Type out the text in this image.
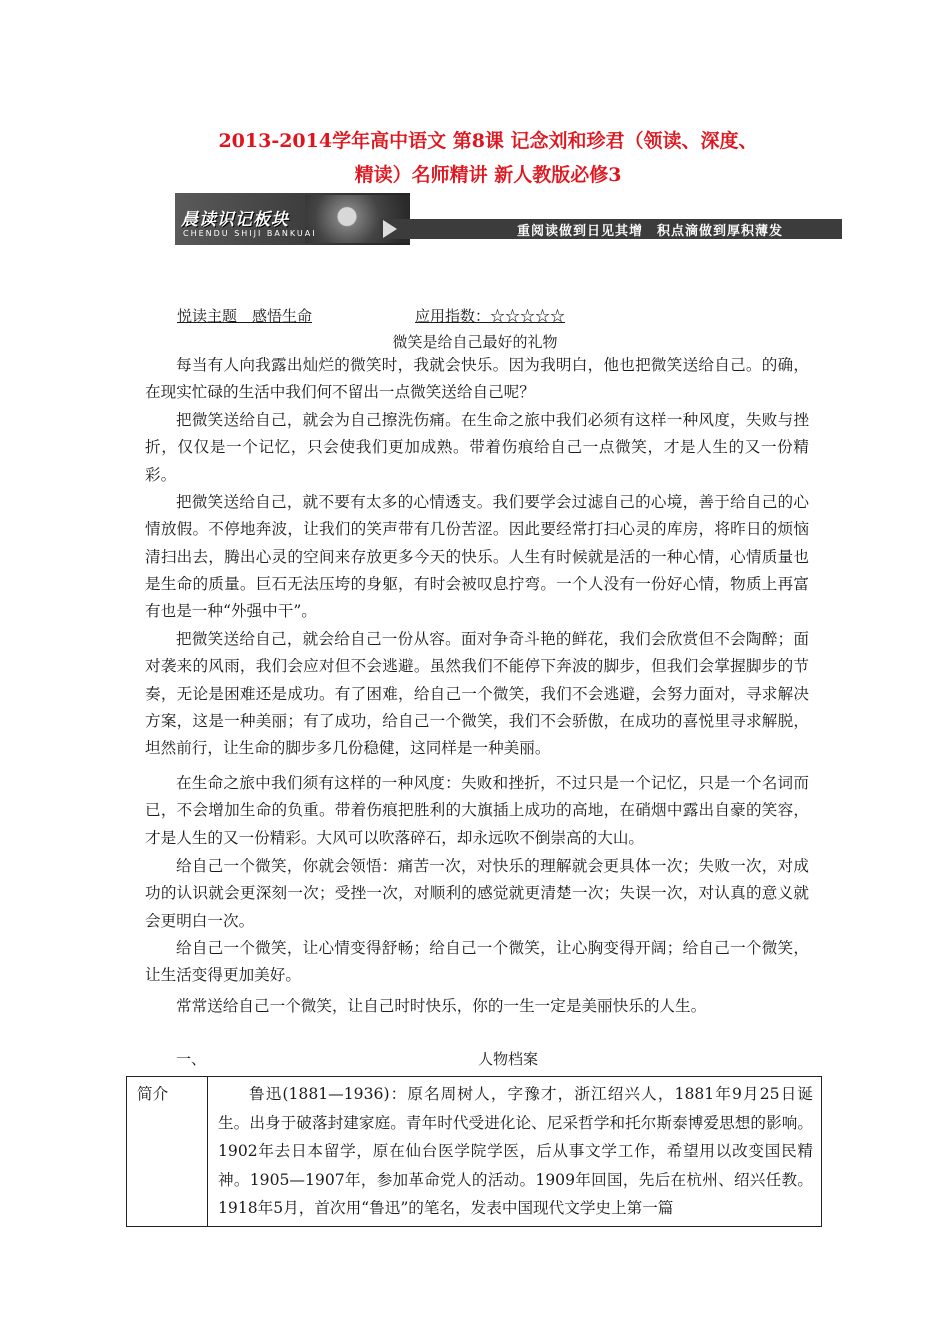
2013-2014学年高中语文 第8课 记念刘和珍君（领读、深度、
精读）名师精讲 新人教版必修3
晨读识记板块
CHENDU SHIJI BANKUAI	重阅读做到日见其增　积点滴做到厚积薄发
悦读主题　感悟生命	应用指数：☆☆☆☆☆
微笑是给自己最好的礼物

每当有人向我露出灿烂的微笑时，我就会快乐。因为我明白，他也把微笑送给自己。的确，在现实忙碌的生活中我们何不留出一点微笑送给自己呢？

把微笑送给自己，就会为自己擦洗伤痛。在生命之旅中我们必须有这样一种风度，失败与挫折，仅仅是一个记忆，只会使我们更加成熟。带着伤痕给自己一点微笑，才是人生的又一份精彩。

把微笑送给自己，就不要有太多的心情透支。我们要学会过滤自己的心境，善于给自己的心情放假。不停地奔波，让我们的笑声带有几份苦涩。因此要经常打扫心灵的库房，将昨日的烦恼清扫出去，腾出心灵的空间来存放更多今天的快乐。人生有时候就是活的一种心情，心情质量也是生命的质量。巨石无法压垮的身躯，有时会被叹息拧弯。一个人没有一份好心情，物质上再富有也是一种“外强中干”。

把微笑送给自己，就会给自己一份从容。面对争奇斗艳的鲜花，我们会欣赏但不会陶醉；面对袭来的风雨，我们会应对但不会逃避。虽然我们不能停下奔波的脚步，但我们会掌握脚步的节奏，无论是困难还是成功。有了困难，给自己一个微笑，我们不会逃避，会努力面对，寻求解决方案，这是一种美丽；有了成功，给自己一个微笑，我们不会骄傲，在成功的喜悦里寻求解脱，坦然前行，让生命的脚步多几份稳健，这同样是一种美丽。

在生命之旅中我们须有这样的一种风度：失败和挫折，不过只是一个记忆，只是一个名词而已，不会增加生命的负重。带着伤痕把胜利的大旗插上成功的高地，在硝烟中露出自豪的笑容，才是人生的又一份精彩。大风可以吹落碎石，却永远吹不倒崇高的大山。

给自己一个微笑，你就会领悟：痛苦一次，对快乐的理解就会更具体一次；失败一次，对成功的认识就会更深刻一次；受挫一次，对顺利的感觉就更清楚一次；失误一次，对认真的意义就会更明白一次。

给自己一个微笑，让心情变得舒畅；给自己一个微笑，让心胸变得开阔；给自己一个微笑，让生活变得更加美好。

常常送给自己一个微笑，让自己时时快乐，你的一生一定是美丽快乐的人生。

一、	人物档案
简介	鲁迅(1881—1936)：原名周树人，字豫才，浙江绍兴人，1881年9月25日诞生。出身于破落封建家庭。青年时代受进化论、尼采哲学和托尔斯泰博爱思想的影响。1902年去日本留学，原在仙台医学院学医，后从事文学工作，希望用以改变国民精神。1905—1907年，参加革命党人的活动。1909年回国，先后在杭州、绍兴任教。1918年5月，首次用“鲁迅”的笔名，发表中国现代文学史上第一篇
